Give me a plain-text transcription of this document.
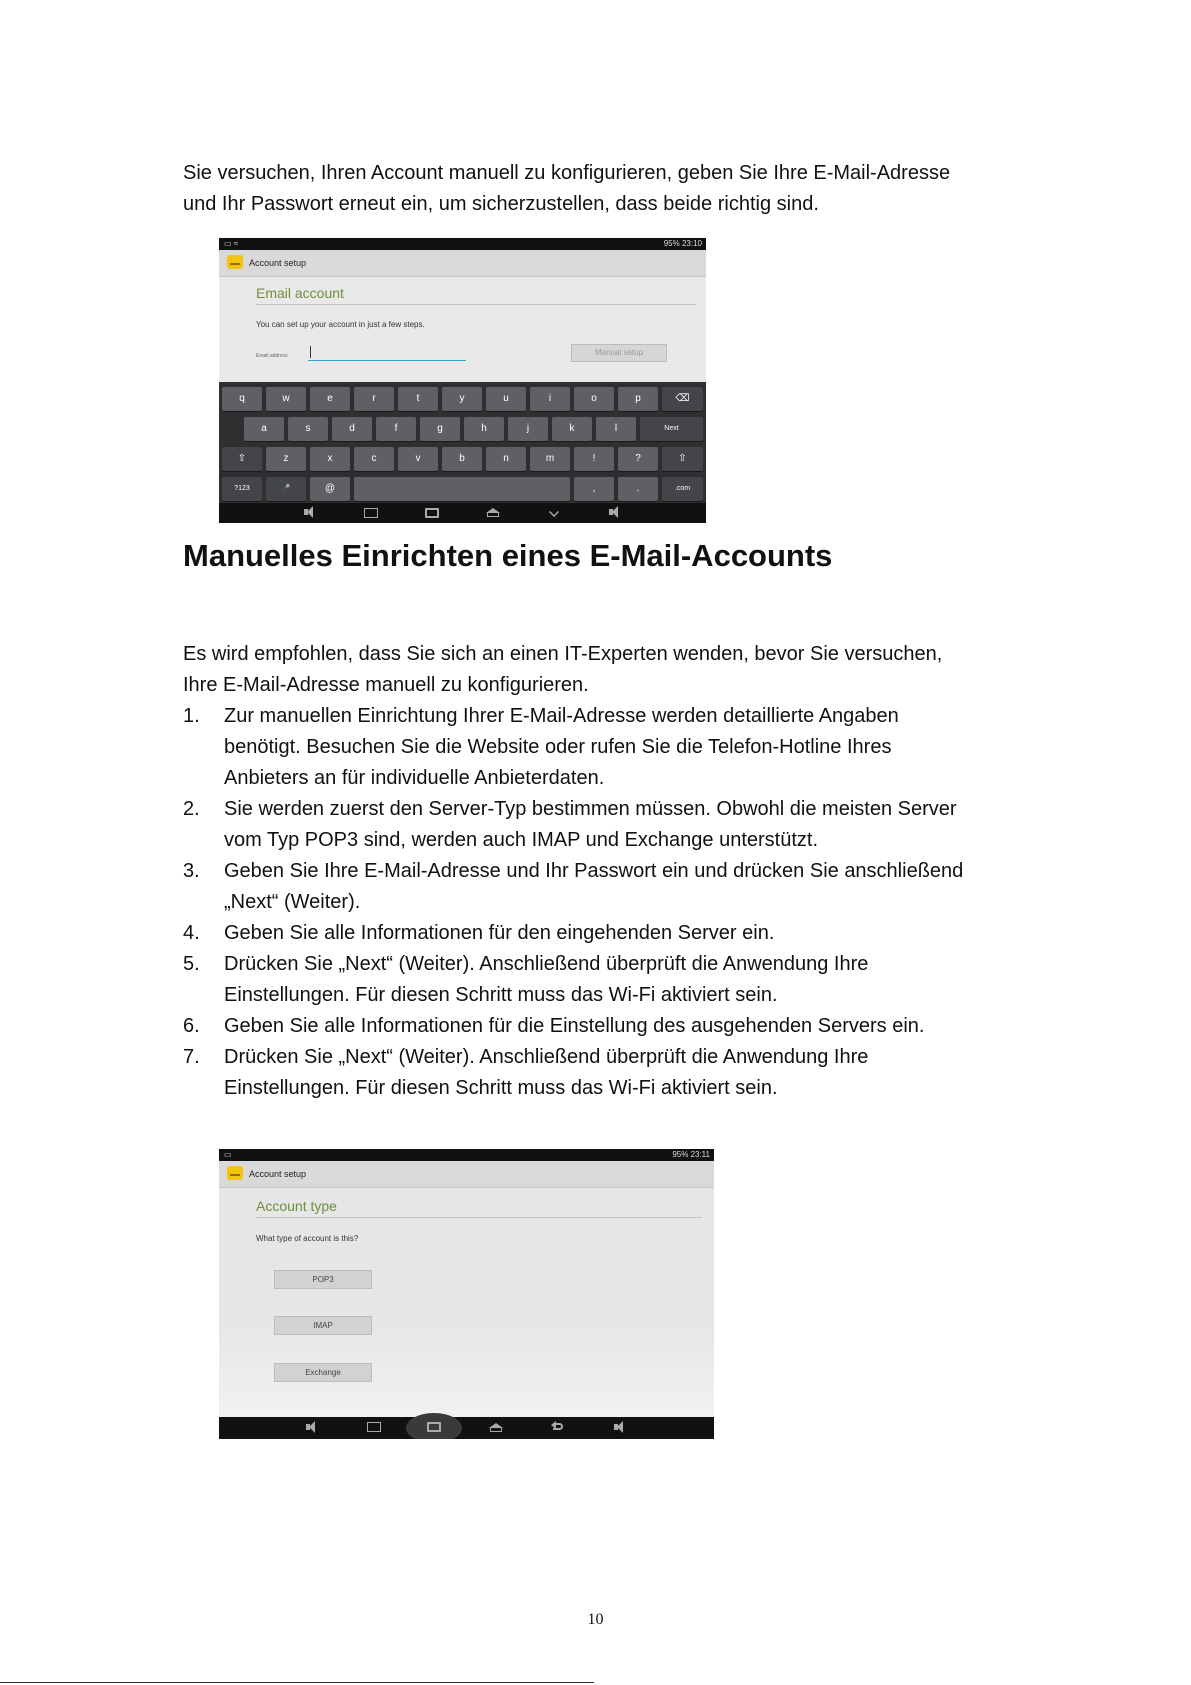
Sie versuchen, Ihren Account manuell zu konfigurieren, geben Sie Ihre E-Mail-Adresse
und Ihr Passwort erneut ein, um sicherzustellen, dass beide richtig sind.
▭ ≈	95% 23:10
Account setup
Email account
You can set up your account in just a few steps.
Email address	Manual setup
q	w	e	r	t	y	u	i	o	p	⌫
a	s	d	f	g	h	j	k	l	Next
⇧	z	x	c	v	b	n	m	!	?	⇧
?123	🎤	@	,	.	.com
Manuelles Einrichten eines E-Mail-Accounts
Es wird empfohlen, dass Sie sich an einen IT-Experten wenden, bevor Sie versuchen,
Ihre E-Mail-Adresse manuell zu konfigurieren.
1. Zur manuellen Einrichtung Ihrer E-Mail-Adresse werden detaillierte Angaben
benötigt. Besuchen Sie die Website oder rufen Sie die Telefon-Hotline Ihres
Anbieters an für individuelle Anbieterdaten.
2. Sie werden zuerst den Server-Typ bestimmen müssen. Obwohl die meisten Server
vom Typ POP3 sind, werden auch IMAP und Exchange unterstützt.
3. Geben Sie Ihre E-Mail-Adresse und Ihr Passwort ein und drücken Sie anschließend
„Next“ (Weiter).
4. Geben Sie alle Informationen für den eingehenden Server ein.
5. Drücken Sie „Next“ (Weiter). Anschließend überprüft die Anwendung Ihre
Einstellungen. Für diesen Schritt muss das Wi-Fi aktiviert sein.
6. Geben Sie alle Informationen für die Einstellung des ausgehenden Servers ein.
7. Drücken Sie „Next“ (Weiter). Anschließend überprüft die Anwendung Ihre
Einstellungen. Für diesen Schritt muss das Wi-Fi aktiviert sein.
▭	95% 23:11
Account setup
Account type
What type of account is this?
POP3
IMAP
Exchange
10
